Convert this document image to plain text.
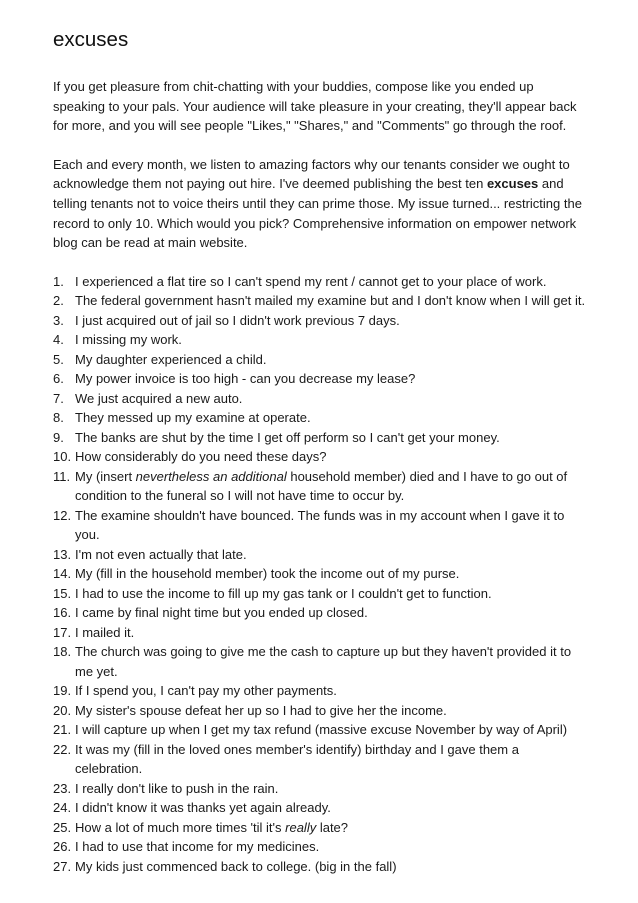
excuses

If you get pleasure from chit-chatting with your buddies, compose like you ended up speaking to your pals. Your audience will take pleasure in your creating, they'll appear back for more, and you will see people "Likes," "Shares," and "Comments" go through the roof.

Each and every month, we listen to amazing factors why our tenants consider we ought to acknowledge them not paying out hire. I've deemed publishing the best ten excuses and telling tenants not to voice theirs until they can prime those. My issue turned... restricting the record to only 10. Which would you pick? Comprehensive information on empower network blog can be read at main website.

1. I experienced a flat tire so I can't spend my rent / cannot get to your place of work.
2. The federal government hasn't mailed my examine but and I don't know when I will get it.
3. I just acquired out of jail so I didn't work previous 7 days.
4. I missing my work.
5. My daughter experienced a child.
6. My power invoice is too high - can you decrease my lease?
7. We just acquired a new auto.
8. They messed up my examine at operate.
9. The banks are shut by the time I get off perform so I can't get your money.
10. How considerably do you need these days?
11. My (insert nevertheless an additional household member) died and I have to go out of condition to the funeral so I will not have time to occur by.
12. The examine shouldn't have bounced. The funds was in my account when I gave it to you.
13. I'm not even actually that late.
14. My (fill in the household member) took the income out of my purse.
15. I had to use the income to fill up my gas tank or I couldn't get to function.
16. I came by final night time but you ended up closed.
17. I mailed it.
18. The church was going to give me the cash to capture up but they haven't provided it to me yet.
19. If I spend you, I can't pay my other payments.
20. My sister's spouse defeat her up so I had to give her the income.
21. I will capture up when I get my tax refund (massive excuse November by way of April)
22. It was my (fill in the loved ones member's identify) birthday and I gave them a celebration.
23. I really don't like to push in the rain.
24. I didn't know it was thanks yet again already.
25. How a lot of much more times 'til it's really late?
26. I had to use that income for my medicines.
27. My kids just commenced back to college. (big in the fall)
